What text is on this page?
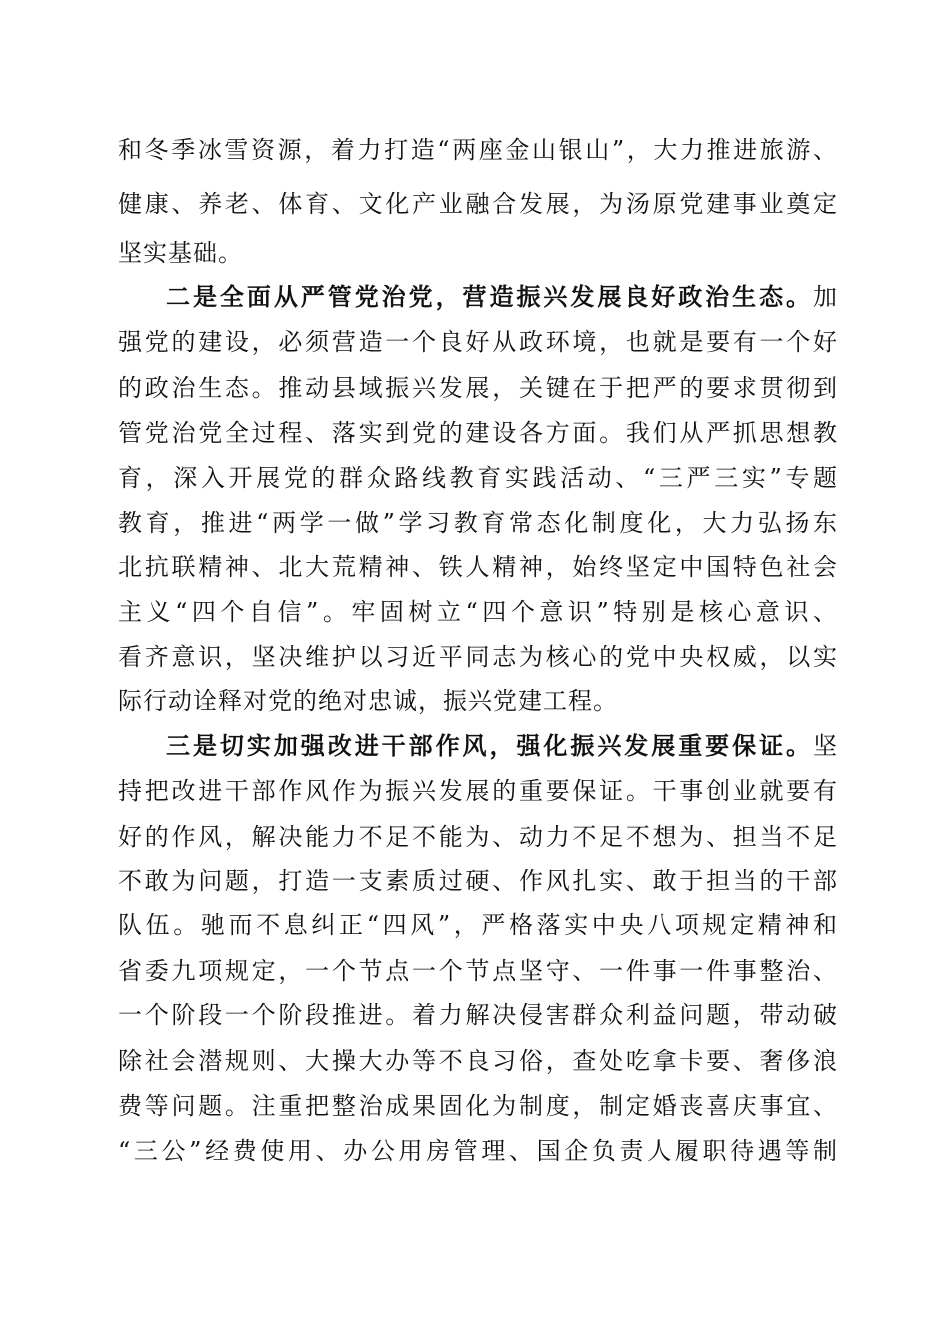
和冬季冰雪资源，着力打造“两座金山银山”，大力推进旅游、
健康、养老、体育、文化产业融合发展，为汤原党建事业奠定
坚实基础。
二是全面从严管党治党，营造振兴发展良好政治生态。加
强党的建设，必须营造一个良好从政环境，也就是要有一个好
的政治生态。推动县域振兴发展，关键在于把严的要求贯彻到
管党治党全过程、落实到党的建设各方面。我们从严抓思想教
育，深入开展党的群众路线教育实践活动、“三严三实”专题
教育，推进“两学一做”学习教育常态化制度化，大力弘扬东
北抗联精神、北大荒精神、铁人精神，始终坚定中国特色社会
主义“四个自信”。牢固树立“四个意识”特别是核心意识、
看齐意识，坚决维护以习近平同志为核心的党中央权威，以实
际行动诠释对党的绝对忠诚，振兴党建工程。
三是切实加强改进干部作风，强化振兴发展重要保证。坚
持把改进干部作风作为振兴发展的重要保证。干事创业就要有
好的作风，解决能力不足不能为、动力不足不想为、担当不足
不敢为问题，打造一支素质过硬、作风扎实、敢于担当的干部
队伍。驰而不息纠正“四风”，严格落实中央八项规定精神和
省委九项规定，一个节点一个节点坚守、一件事一件事整治、
一个阶段一个阶段推进。着力解决侵害群众利益问题，带动破
除社会潜规则、大操大办等不良习俗，查处吃拿卡要、奢侈浪
费等问题。注重把整治成果固化为制度，制定婚丧喜庆事宜、
“三公”经费使用、办公用房管理、国企负责人履职待遇等制
